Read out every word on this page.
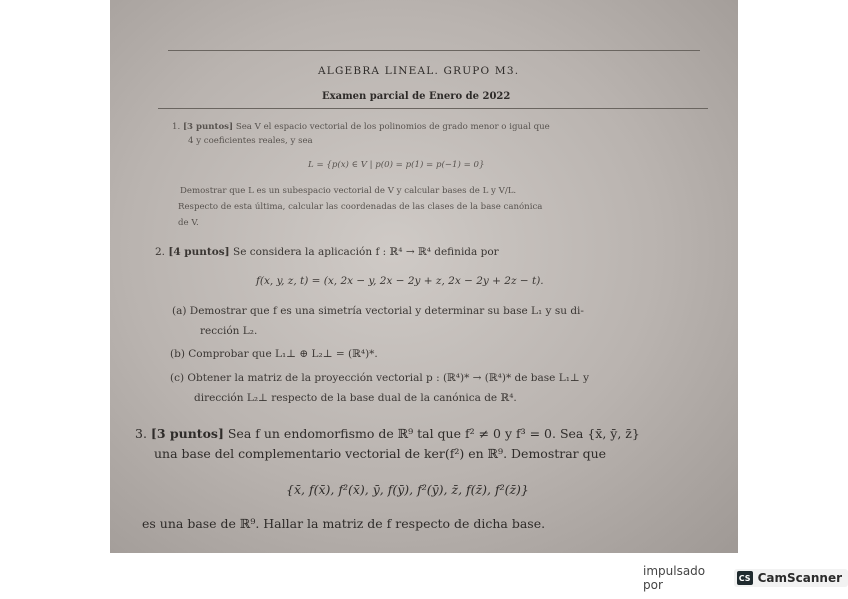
ALGEBRA LINEAL. GRUPO M3.
Examen parcial de Enero de 2022
1. [3 puntos] Sea V el espacio vectorial de los polinomios de grado menor o igual que
4 y coeficientes reales, y sea
L = {p(x) ∈ V | p(0) = p(1) = p(−1) = 0}
Demostrar que L es un subespacio vectorial de V y calcular bases de L y V/L.
Respecto de esta última, calcular las coordenadas de las clases de la base canónica
de V.
2. [4 puntos] Se considera la aplicación f : ℝ⁴ → ℝ⁴ definida por
f(x, y, z, t) = (x, 2x − y, 2x − 2y + z, 2x − 2y + 2z − t).
(a) Demostrar que f es una simetría vectorial y determinar su base L₁ y su di-
rección L₂.
(b) Comprobar que L₁⊥ ⊕ L₂⊥ = (ℝ⁴)*.
(c) Obtener la matriz de la proyección vectorial p : (ℝ⁴)* → (ℝ⁴)* de base L₁⊥ y
dirección L₂⊥ respecto de la base dual de la canónica de ℝ⁴.
3. [3 puntos] Sea f un endomorfismo de ℝ⁹ tal que f² ≠ 0 y f³ = 0. Sea {x̄, ȳ, z̄}
una base del complementario vectorial de ker(f²) en ℝ⁹. Demostrar que
{x̄, f(x̄), f²(x̄), ȳ, f(ȳ), f²(ȳ), z̄, f(z̄), f²(z̄)}
es una base de ℝ⁹. Hallar la matriz de f respecto de dicha base.
impulsado por	CS CamScanner
